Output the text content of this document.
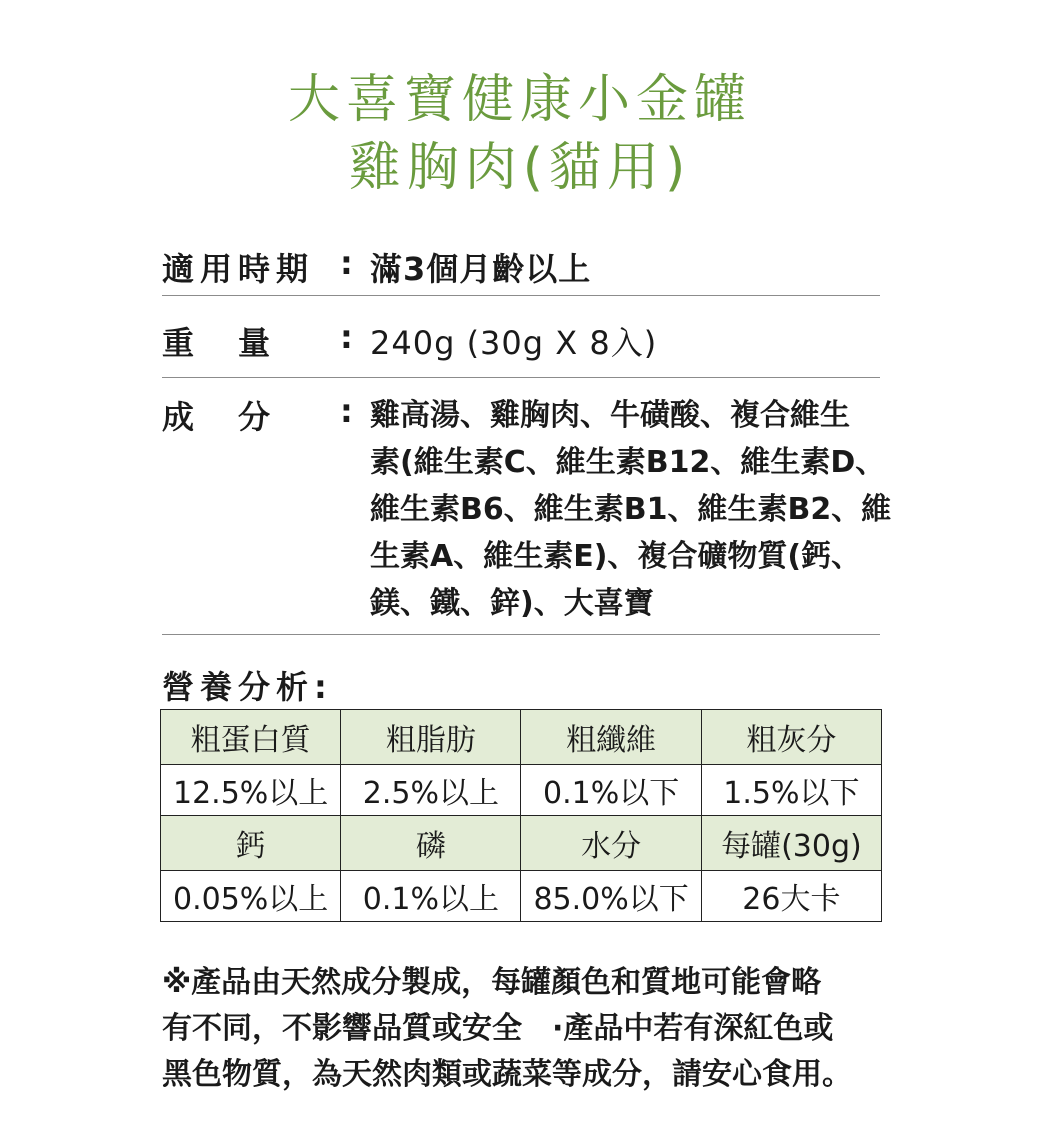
大喜寶健康小金罐
雞胸肉(貓用)
適用時期 : 滿3個月齡以上
重　量 : 240g (30g X 8入)
成　分 : 雞高湯、雞胸肉、牛磺酸、複合維生
素(維生素C、維生素B12、維生素D、
維生素B6、維生素B1、維生素B2、維
生素A、維生素E)、複合礦物質(鈣、
鎂、鐵、鋅)、大喜寶
營養分析:
粗蛋白質	粗脂肪	粗纖維	粗灰分
12.5%以上	2.5%以上	0.1%以下	1.5%以下
鈣	磷	水分	每罐(30g)
0.05%以上	0.1%以上	85.0%以下	26大卡
※產品由天然成分製成，每罐顏色和質地可能會略
有不同，不影響品質或安全　·產品中若有深紅色或
黑色物質，為天然肉類或蔬菜等成分，請安心食用。
